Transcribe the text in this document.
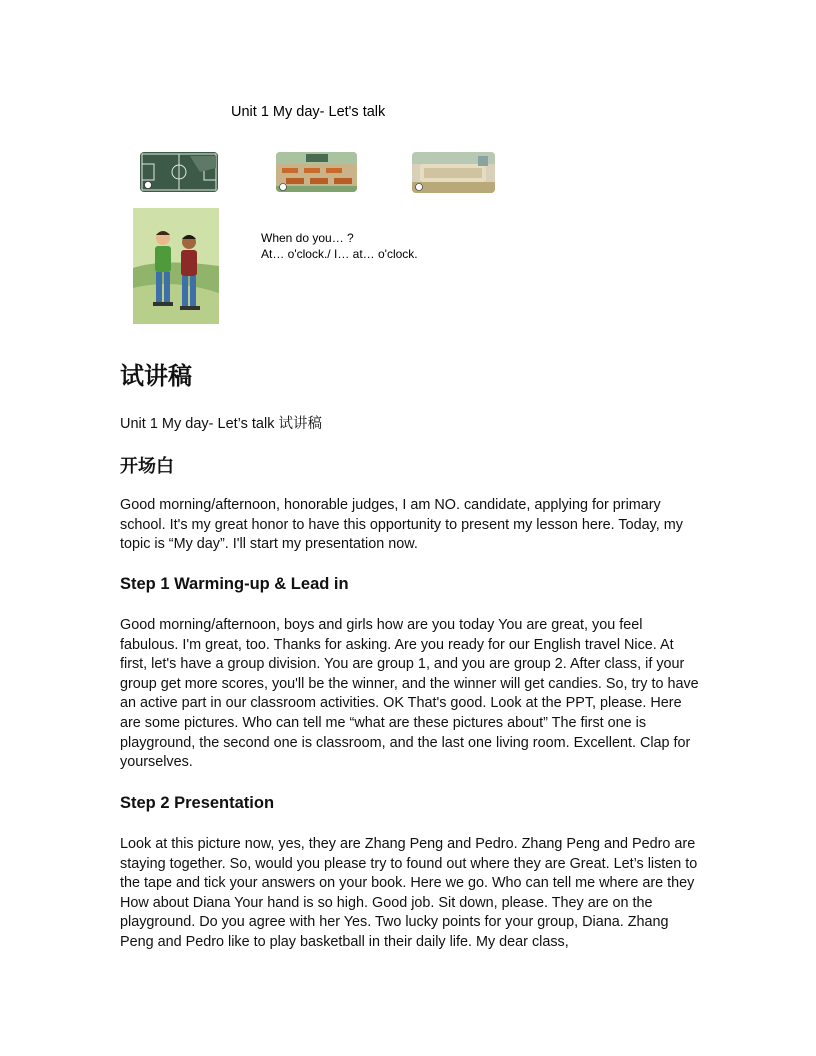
Unit 1 My day- Let's talk
When do you… ?
At… o'clock./ I… at… o'clock.
试讲稿
Unit 1 My day- Let’s talk 试讲稿
开场白
Good morning/afternoon, honorable judges, I am NO. candidate, applying for primary school. It's my great honor to have this opportunity to present my lesson here. Today, my topic is “My day”. I'll start my presentation now.
Step 1 Warming-up & Lead in
Good morning/afternoon, boys and girls how are you today You are great, you feel fabulous. I'm great, too. Thanks for asking. Are you ready for our English travel Nice. At first, let's have a group division. You are group 1, and you are group 2. After class, if your group get more scores, you'll be the winner, and the winner will get candies. So, try to have an active part in our classroom activities. OK That's good. Look at the PPT, please. Here are some pictures. Who can tell me “what are these pictures about” The first one is playground, the second one is classroom, and the last one living room. Excellent. Clap for yourselves.
Step 2 Presentation
Look at this picture now, yes, they are Zhang Peng and Pedro. Zhang Peng and Pedro are staying together. So, would you please try to found out where they are Great. Let’s listen to the tape and tick your answers on your book. Here we go. Who can tell me where are they How about Diana Your hand is so high. Good job. Sit down, please. They are on the playground. Do you agree with her Yes. Two lucky points for your group, Diana. Zhang Peng and Pedro like to play basketball in their daily life. My dear class,
